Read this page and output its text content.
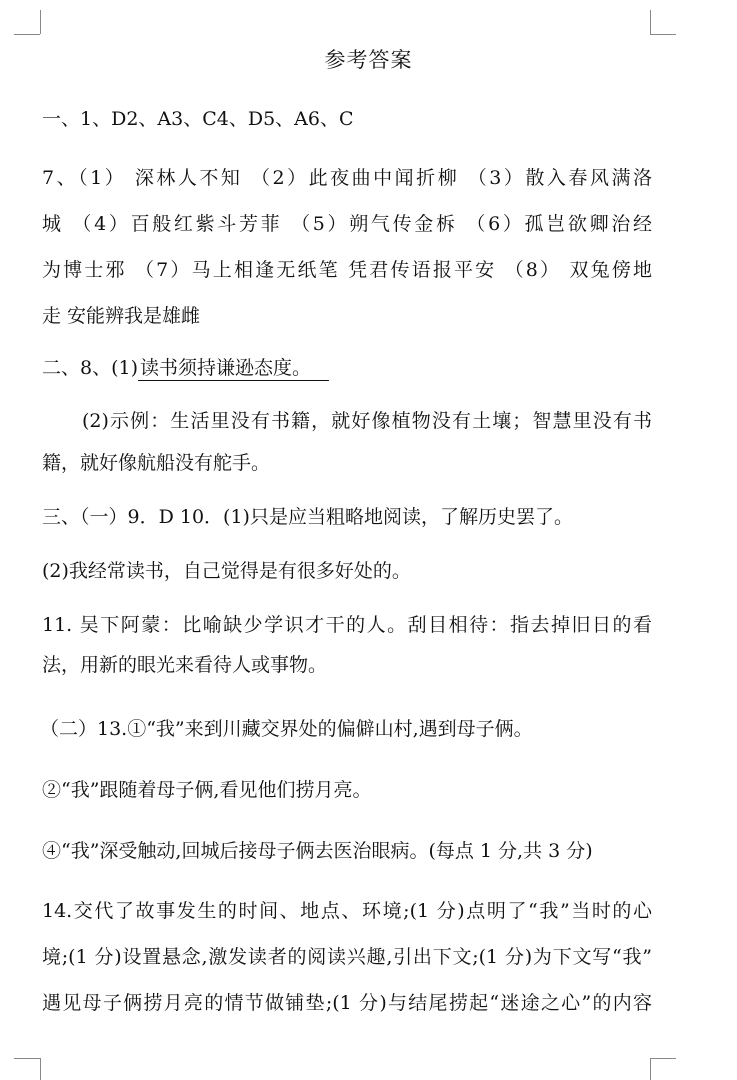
参考答案
一、1、D2、A3、C4、D5、A6、C
7、（1） 深林人不知 （2）此夜曲中闻折柳 （3）散入春风满洛
城 （4）百般红紫斗芳菲 （5）朔气传金柝 （6）孤岂欲卿治经
为博士邪 （7）马上相逢无纸笔 凭君传语报平安 （8） 双兔傍地
走 安能辨我是雄雌
二、8、(1) 读书须持谦逊态度。
(2)示例：生活里没有书籍，就好像植物没有土壤；智慧里没有书
籍，就好像航船没有舵手。
三、（一）9．D 10．(1)只是应当粗略地阅读，了解历史罢了。
(2)我经常读书，自己觉得是有很多好处的。
11. 吴下阿蒙：比喻缺少学识才干的人。刮目相待：指去掉旧日的看
法，用新的眼光来看待人或事物。
（二）13.①“我”来到川藏交界处的偏僻山村,遇到母子俩。
②“我”跟随着母子俩,看见他们捞月亮。
④“我”深受触动,回城后接母子俩去医治眼病。(每点 1 分,共 3 分)
14.交代了故事发生的时间、地点、环境;(1 分)点明了“我”当时的心
境;(1 分)设置悬念,激发读者的阅读兴趣,引出下文;(1 分)为下文写“我”
遇见母子俩捞月亮的情节做铺垫;(1 分)与结尾捞起“迷途之心”的内容
